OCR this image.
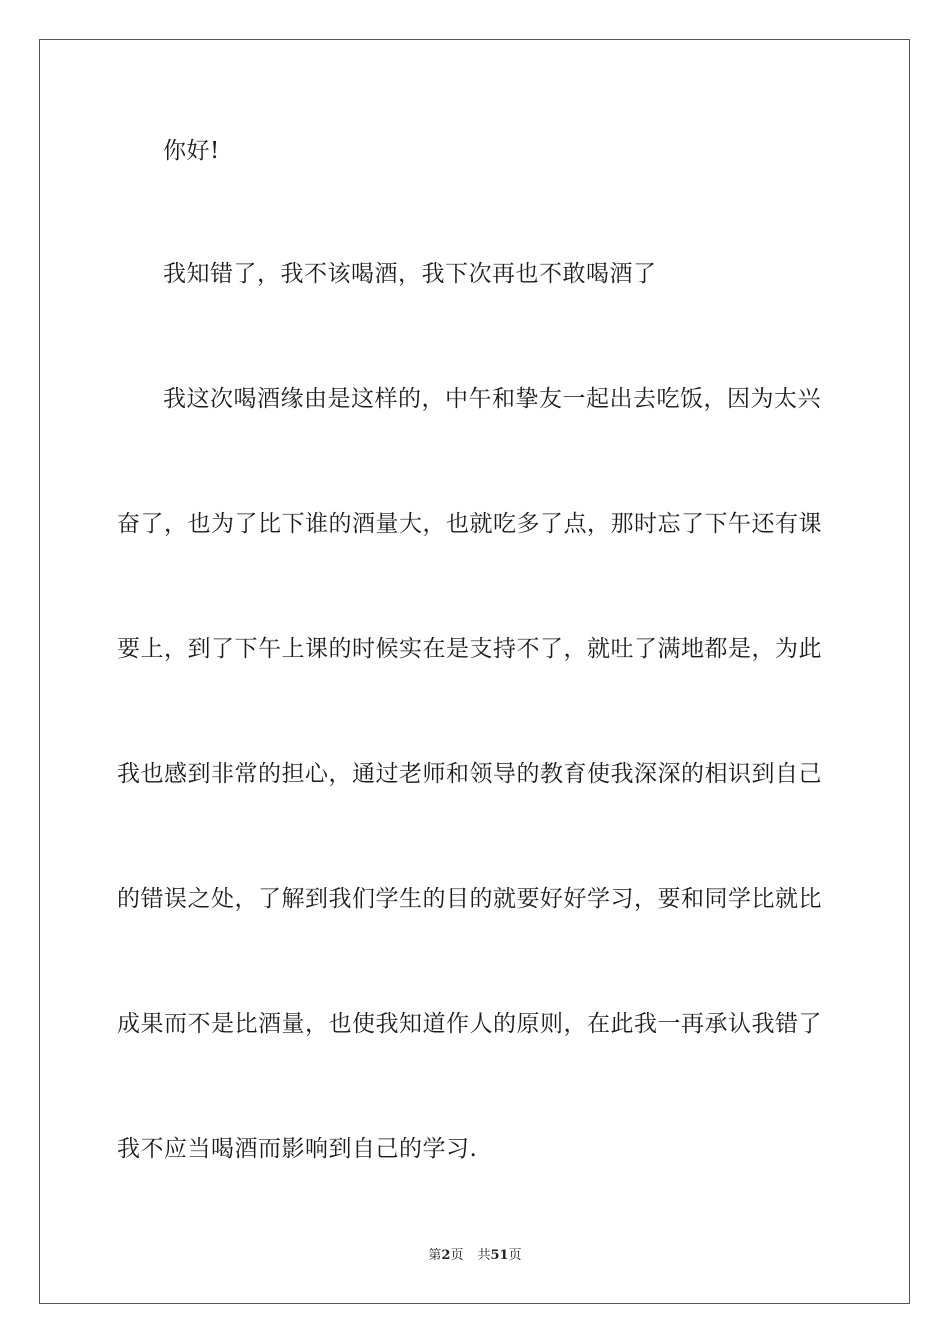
你好!
我知错了，我不该喝酒，我下次再也不敢喝酒了
我这次喝酒缘由是这样的，中午和挚友一起出去吃饭，因为太兴
奋了，也为了比下谁的酒量大，也就吃多了点，那时忘了下午还有课
要上，到了下午上课的时候实在是支持不了，就吐了满地都是，为此
我也感到非常的担心，通过老师和领导的教育使我深深的相识到自己
的错误之处，了解到我们学生的目的就要好好学习，要和同学比就比
成果而不是比酒量，也使我知道作人的原则，在此我一再承认我错了
我不应当喝酒而影响到自己的学习.
第2页 共51页
